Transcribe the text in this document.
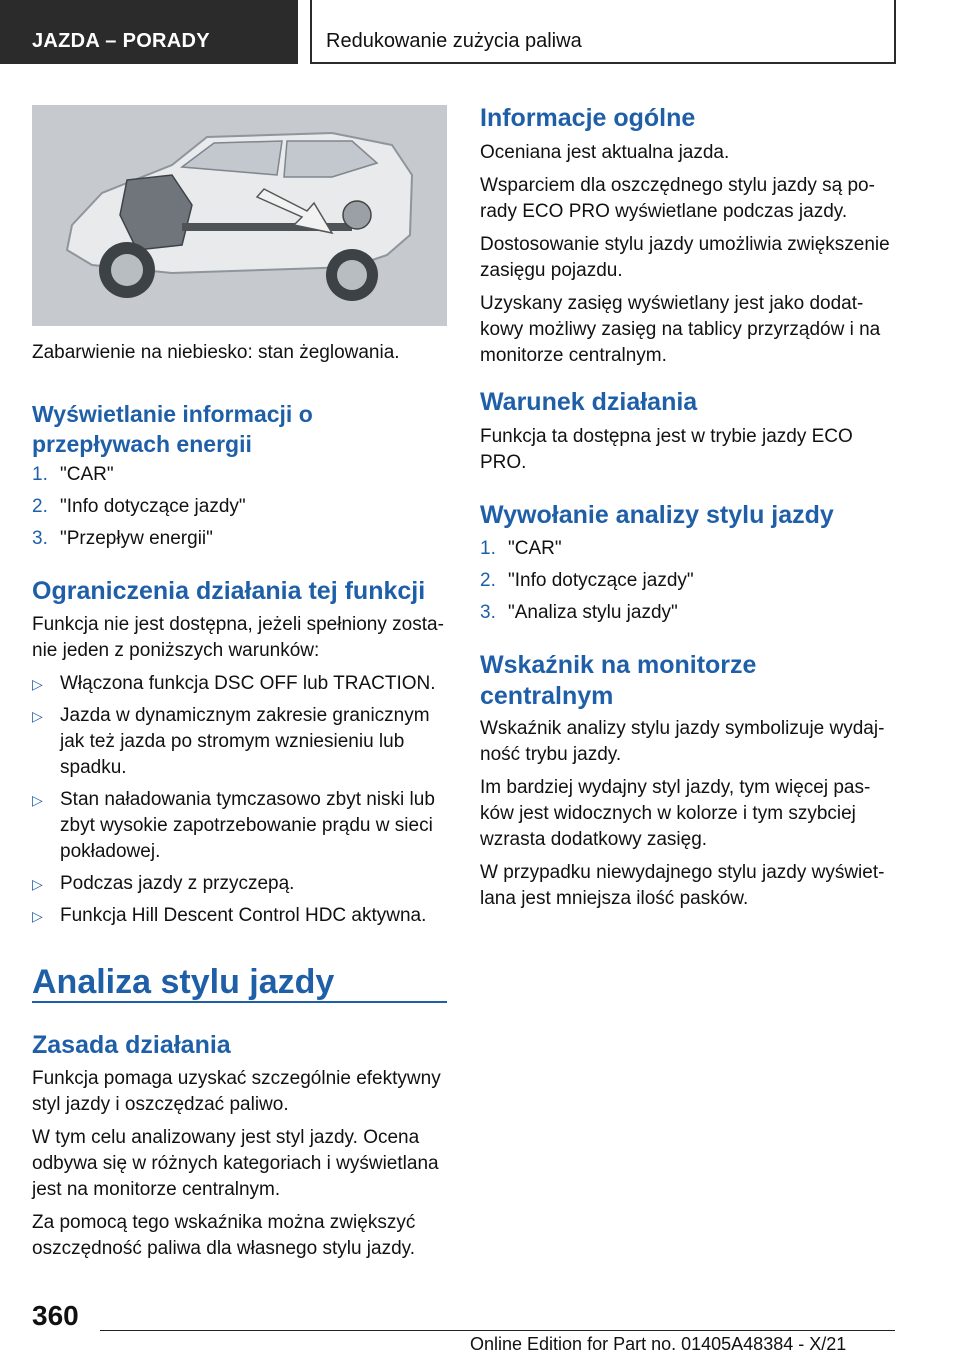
JAZDA – PORADY	Redukowanie zużycia paliwa

Zabarwienie na niebiesko: stan żeglowania.

Wyświetlanie informacji o
przepływach energii
1. "CAR"
2. "Info dotyczące jazdy"
3. "Przepływ energii"
Ograniczenia działania tej funkcji

Funkcja nie jest dostępna, jeżeli spełniony zosta-
nie jeden z poniższych warunków:

▷ Włączona funkcja DSC OFF lub TRACTION.
▷ Jazda w dynamicznym zakresie granicznym
jak też jazda po stromym wzniesieniu lub
spadku.
▷ Stan naładowania tymczasowo zbyt niski lub
zbyt wysokie zapotrzebowanie prądu w sieci
pokładowej.
▷ Podczas jazdy z przyczepą.
▷ Funkcja Hill Descent Control HDC aktywna.
Analiza stylu jazdy
Zasada działania

Funkcja pomaga uzyskać szczególnie efektywny
styl jazdy i oszczędzać paliwo.

W tym celu analizowany jest styl jazdy. Ocena
odbywa się w różnych kategoriach i wyświetlana
jest na monitorze centralnym.

Za pomocą tego wskaźnika można zwiększyć
oszczędność paliwa dla własnego stylu jazdy.

Informacje ogólne

Oceniana jest aktualna jazda.

Wsparciem dla oszczędnego stylu jazdy są po-
rady ECO PRO wyświetlane podczas jazdy.

Dostosowanie stylu jazdy umożliwia zwiększenie
zasięgu pojazdu.

Uzyskany zasięg wyświetlany jest jako dodat-
kowy możliwy zasięg na tablicy przyrządów i na
monitorze centralnym.

Warunek działania

Funkcja ta dostępna jest w trybie jazdy ECO
PRO.

Wywołanie analizy stylu jazdy
1. "CAR"
2. "Info dotyczące jazdy"
3. "Analiza stylu jazdy"
Wskaźnik na monitorze
centralnym

Wskaźnik analizy stylu jazdy symbolizuje wydaj-
ność trybu jazdy.

Im bardziej wydajny styl jazdy, tym więcej pas-
ków jest widocznych w kolorze i tym szybciej
wzrasta dodatkowy zasięg.

W przypadku niewydajnego stylu jazdy wyświet-
lana jest mniejsza ilość pasków.

360
Online Edition for Part no. 01405A48384 - X/21
